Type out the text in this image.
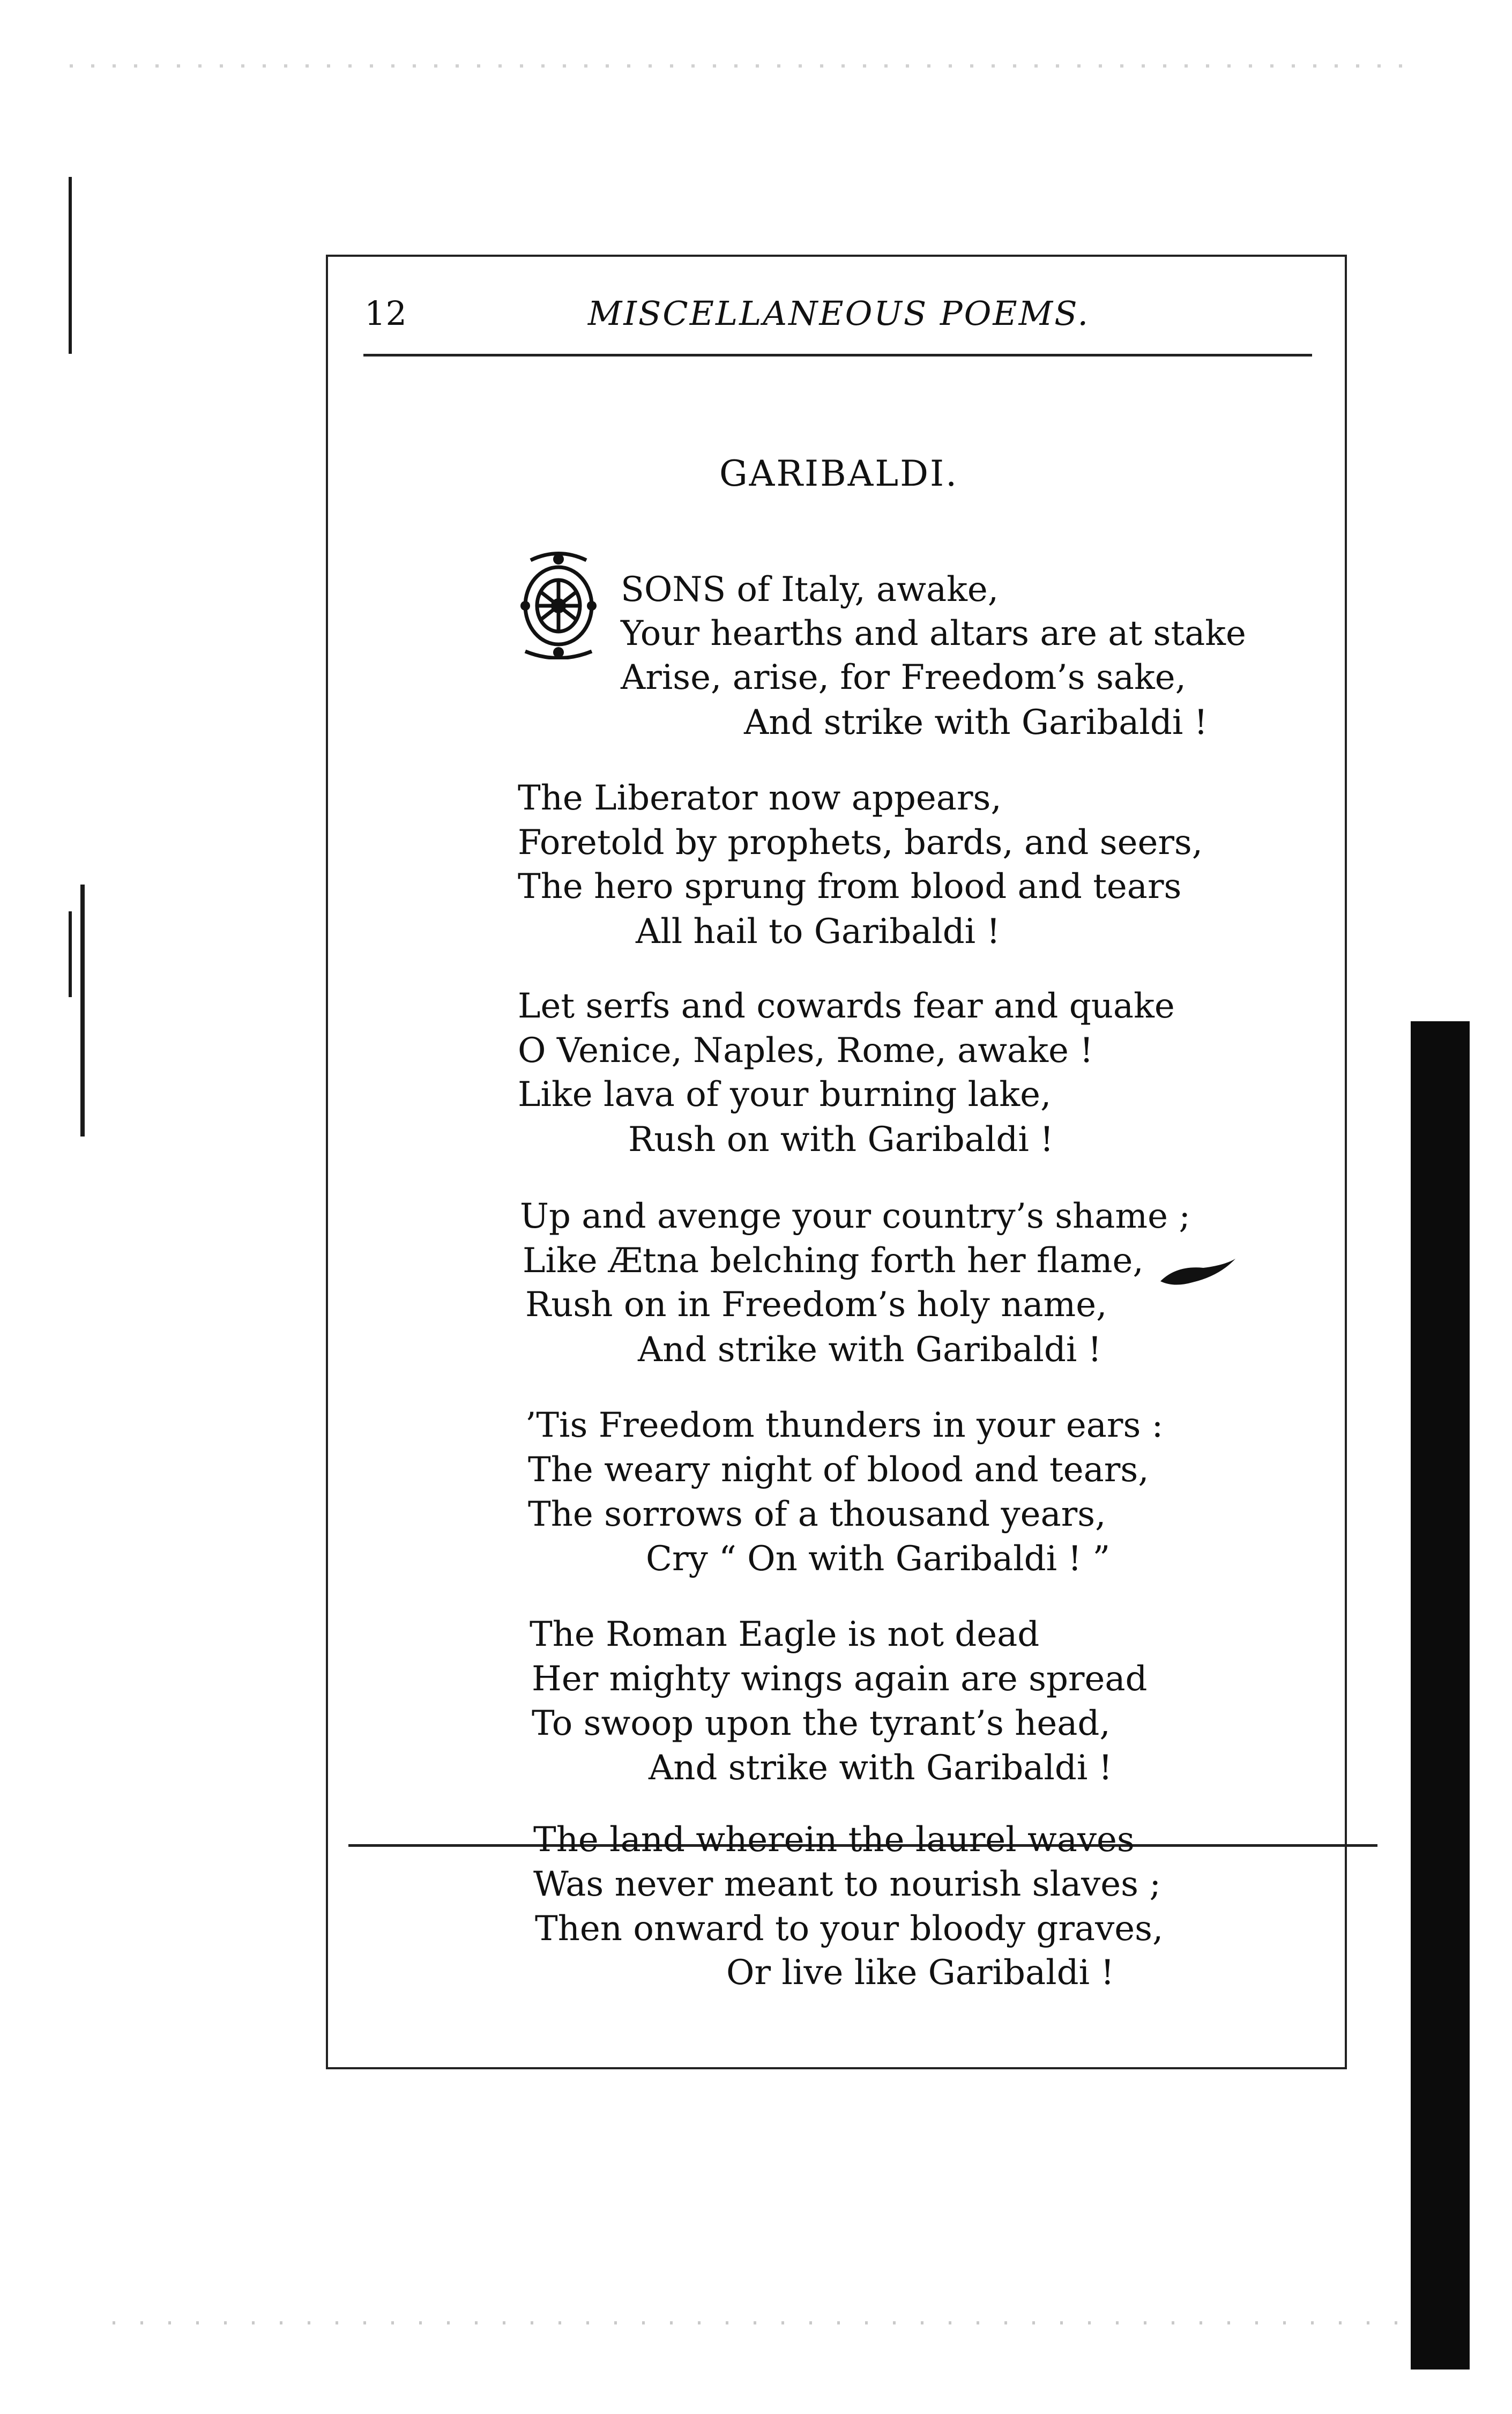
12	MISCELLANEOUS POEMS.
GARIBALDI.
O
SONS of Italy, awake,
Your hearths and altars are at stake
Arise, arise, for Freedom’s sake,
And strike with Garibaldi !
The Liberator now appears,
Foretold by prophets, bards, and seers,
The hero sprung from blood and tears
All hail to Garibaldi !
Let serfs and cowards fear and quake
O Venice, Naples, Rome, awake !
Like lava of your burning lake,
Rush on with Garibaldi !
Up and avenge your country’s shame ;
Like Ætna belching forth her flame,
Rush on in Freedom’s holy name,
And strike with Garibaldi !
’Tis Freedom thunders in your ears :
The weary night of blood and tears,
The sorrows of a thousand years,
Cry “ On with Garibaldi ! ”
The Roman Eagle is not dead
Her mighty wings again are spread
To swoop upon the tyrant’s head,
And strike with Garibaldi !
The land wherein the laurel waves
Was never meant to nourish slaves ;
Then onward to your bloody graves,
Or live like Garibaldi !
